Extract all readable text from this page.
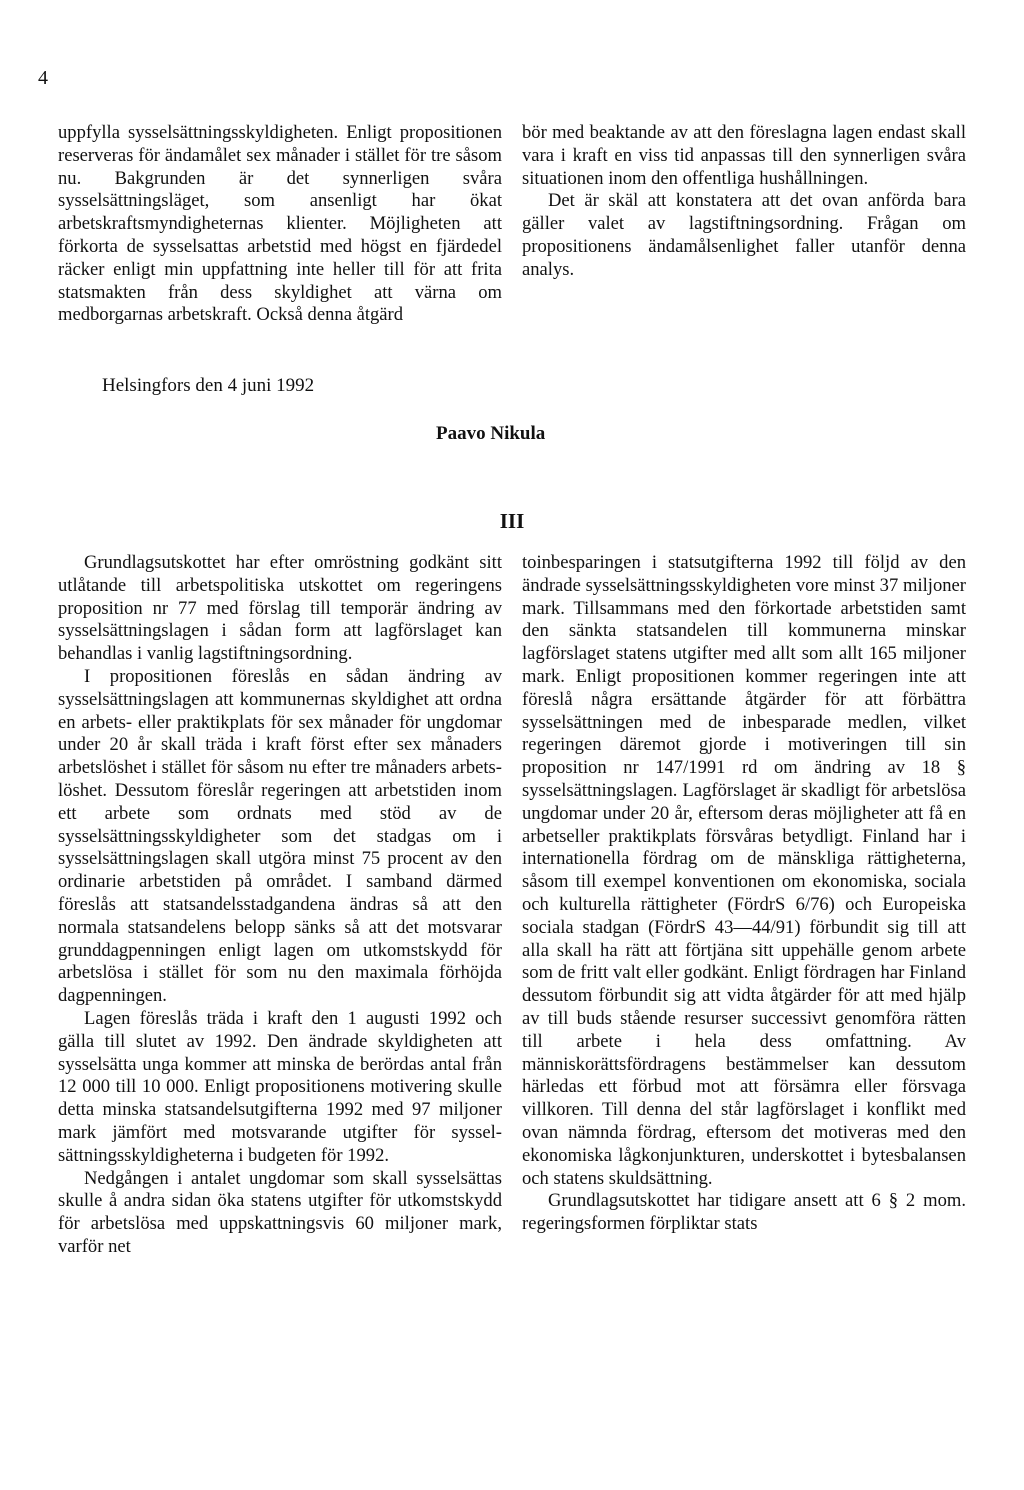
4

uppfylla sysselsättningsskyldigheten. Enligt propositionen reserveras för ändamålet sex månader i stället för tre såsom nu. Bakgrunden är det synnerligen svåra sysselsättningsläget, som ansenligt har ökat arbetskraftsmyndigheternas klienter. Möjligheten att förkorta de sysselsattas arbetstid med högst en fjärdedel räcker enligt min uppfattning inte heller till för att frita statsmakten från dess skyldighet att värna om medborgarnas arbetskraft. Också denna åtgärd

bör med beaktande av att den föreslagna lagen endast skall vara i kraft en viss tid anpassas till den synnerligen svåra situationen inom den offentliga hushållningen.

Det är skäl att konstatera att det ovan anförda bara gäller valet av lagstiftningsordning. Frågan om propositionens ändamålsenlighet faller utanför denna analys.

Helsingfors den 4 juni 1992
Paavo Nikula
III

Grundlagsutskottet har efter omröstning godkänt sitt utlåtande till arbetspolitiska utskottet om regeringens proposition nr 77 med förslag till temporär ändring av sysselsättningslagen i sådan form att lagförslaget kan behandlas i vanlig lagstiftningsordning.

I propositionen föreslås en sådan ändring av sysselsättningslagen att kommunernas skyldighet att ordna en arbets- eller praktikplats för sex månader för ungdomar under 20 år skall träda i kraft först efter sex månaders arbetslöshet i stället för såsom nu efter tre månaders arbetslöshet. Dessutom föreslår regeringen att arbetstiden inom ett arbete som ordnats med stöd av de sysselsättningsskyldigheter som det stadgas om i sysselsättningslagen skall utgöra minst 75 procent av den ordinarie arbetstiden på området. I samband därmed föreslås att statsandelsstadgandena ändras så att den normala statsandelens belopp sänks så att det motsvarar grunddagpenningen enligt lagen om utkomstskydd för arbetslösa i stället för som nu den maximala förhöjda dagpenningen.

Lagen föreslås träda i kraft den 1 augusti 1992 och gälla till slutet av 1992. Den ändrade skyldigheten att sysselsätta unga kommer att minska de berördas antal från 12 000 till 10 000. Enligt propositionens motivering skulle detta minska statsandelsutgifterna 1992 med 97 miljoner mark jämfört med motsvarande utgifter för sysselsättningsskyldigheterna i budgeten för 1992.

Nedgången i antalet ungdomar som skall sysselsättas skulle å andra sidan öka statens utgifter för utkomstskydd för arbetslösa med uppskattningsvis 60 miljoner mark, varför net

toinbesparingen i statsutgifterna 1992 till följd av den ändrade sysselsättningsskyldigheten vore minst 37 miljoner mark. Tillsammans med den förkortade arbetstiden samt den sänkta statsandelen till kommunerna minskar lagförslaget statens utgifter med allt som allt 165 miljoner mark. Enligt propositionen kommer regeringen inte att föreslå några ersättande åtgärder för att förbättra sysselsättningen med de inbesparade medlen, vilket regeringen däremot gjorde i motiveringen till sin proposition nr 147/1991 rd om ändring av 18 § sysselsättningslagen. Lagförslaget är skadligt för arbetslösa ungdomar under 20 år, eftersom deras möjligheter att få en arbetseller praktikplats försvåras betydligt. Finland har i internationella fördrag om de mänskliga rättigheterna, såsom till exempel konventionen om ekonomiska, sociala och kulturella rättigheter (FördrS 6/76) och Europeiska sociala stadgan (FördrS 43—44/91) förbundit sig till att alla skall ha rätt att förtjäna sitt uppehälle genom arbete som de fritt valt eller godkänt. Enligt fördragen har Finland dessutom förbundit sig att vidta åtgärder för att med hjälp av till buds stående resurser successivt genomföra rätten till arbete i hela dess omfattning. Av människorättsfördragens bestämmelser kan dessutom härledas ett förbud mot att försämra eller försvaga villkoren. Till denna del står lagförslaget i konflikt med ovan nämnda fördrag, eftersom det motiveras med den ekonomiska lågkonjunkturen, underskottet i bytesbalansen och statens skuldsättning.

Grundlagsutskottet har tidigare ansett att 6 § 2 mom. regeringsformen förpliktar stats
